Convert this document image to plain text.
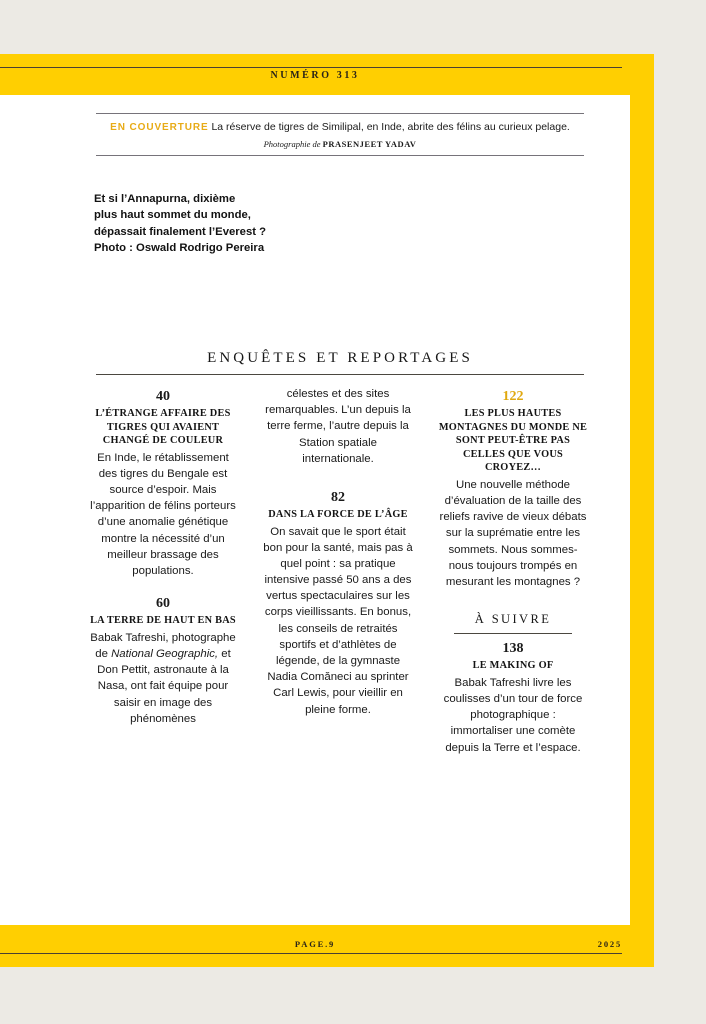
NUMÉRO 313
EN COUVERTURE La réserve de tigres de Similipal, en Inde, abrite des félins au curieux pelage.
Photographie de PRASENJEET YADAV
Et si l’Annapurna, dixième
plus haut sommet du monde,
dépassait finalement l’Everest ?
Photo : Oswald Rodrigo Pereira
ENQUÊTES ET REPORTAGES
40
L’ÉTRANGE AFFAIRE DES TIGRES QUI AVAIENT CHANGÉ DE COULEUR
En Inde, le rétablissement des tigres du Bengale est source d’espoir. Mais l’apparition de félins porteurs d’une anomalie génétique montre la nécessité d’un meilleur brassage des populations.
60
LA TERRE DE HAUT EN BAS
Babak Tafreshi, photographe de National Geographic, et Don Pettit, astronaute à la Nasa, ont fait équipe pour saisir en image des phénomènes
célestes et des sites remarquables. L’un depuis la terre ferme, l’autre depuis la Station spatiale internationale.
82
DANS LA FORCE DE L’ÂGE
On savait que le sport était bon pour la santé, mais pas à quel point : sa pratique intensive passé 50 ans a des vertus spectaculaires sur les corps vieillissants. En bonus, les conseils de retraités sportifs et d’athlètes de légende, de la gymnaste Nadia Comăneci au sprinter Carl Lewis, pour vieillir en pleine forme.
122
LES PLUS HAUTES MONTAGNES DU MONDE NE SONT PEUT-ÊTRE PAS CELLES QUE VOUS CROYEZ…
Une nouvelle méthode d’évaluation de la taille des reliefs ravive de vieux débats sur la suprématie entre les sommets. Nous sommes-nous toujours trompés en mesurant les montagnes ?
À SUIVRE
138
LE MAKING OF
Babak Tafreshi livre les coulisses d’un tour de force photographique : immortaliser une comète depuis la Terre et l’espace.
PAGE.9	2025
